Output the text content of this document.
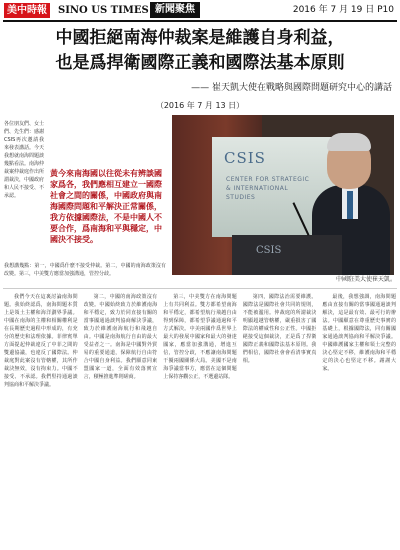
美中時報	SINO US TIMES 新聞聚焦	2016 年 7 月 19 日 P10
中國拒絕南海仲裁案是維護自身利益，
也是爲捍衛國際正義和國際法基本原則
—— 崔天凱大使在戰略與國際問題研究中心的講話
（2016 年 7 月 13 日）
各位朋友們、女士們、先生們：感謝CSIS再次邀請我來發表講話。今天我想就南海問題談幾點看法。南海仲裁案仲裁庭作出所謂裁決，中國政府和人民不接受、不承認。
黃今來南海國以往從未有辨談國家爲各，我們應相互建立一國際社會之間的關係，中國政府與南海國際問題和平解決正常關係，我方依據國際法，不是中國人不要合作，爲南海和平與穩定，中國決不接受。
我想講幾點：第一，中國爲什麼不接受仲裁。第二，中國的南海政策沒有改變。第三，中美雙方應當加強溝通，管控分歧。
CSIS
CENTER FOR STRATEGIC & INTERNATIONAL STUDIES
CSIS
中國駐美大使崔天凱。

我們今天在這裏討論南海問題。我始終認爲，南海問題本質上是領土主權和海洋劃界爭議。中國在南海的主權和相關權利是在長期歷史過程中形成的，有充分的歷史和法理依據。菲律賓單方面提起仲裁違反了中菲之間的雙邊協議，也違反了國際法。仲裁庭對此案沒有管轄權，其所作裁決無效，沒有拘束力。中國不接受、不承認。我們堅持通過談判協商和平解決爭議。

第二，中國的南海政策沒有改變。中國始終致力於維護南海和平穩定，致力於同直接有關的當事國通過談判協商解決爭議，致力於維護南海航行和飛越自由。中國是南海航行自由的最大受益者之一。南海是中國對外貿易的重要通道，保障航行自由符合中國自身利益。我們願意同東盟國家一道，全面有效落實宣言，積極推進準則磋商。

第三，中美雙方在南海問題上有共同利益。雙方都希望南海和平穩定，都希望航行飛越自由得到保障，都希望爭議通過和平方式解決。中美兩國作爲世界上最大的發展中國家和最大的發達國家，應當加強溝通，增進互信，管控分歧，不應讓南海問題干擾兩國關係大局。美國不是南海爭議當事方，應當在這個問題上保持客觀公正，不選邊站隊。

第四，國際法治需要維護。國際法是國際社會共同的規則，不能被濫用。仲裁庭的所謂裁決明顯超越管轄權，嚴重損害了國際法的權威性和公正性。中國拒絕接受這個裁決，正是爲了捍衛國際正義和國際法基本原則。我們相信，國際社會會看清事實真相。

最後，我想強調，南海問題應由直接有關的當事國通過談判解決，這是最有效、最可行的辦法。中國願意在尊重歷史事實的基礎上，根據國際法，同有關國家通過談判協商和平解決爭議。中國維護國家主權和領土完整的決心堅定不移，維護南海和平穩定的決心也堅定不移。謝謝大家。
